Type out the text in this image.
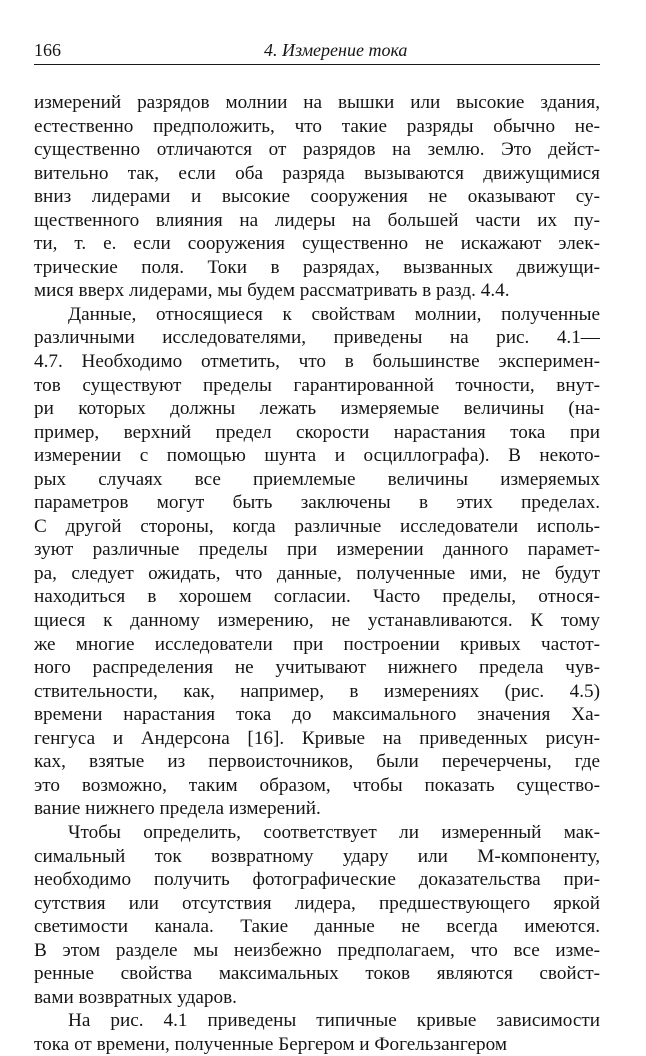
166	4. Измерение тока
измерений разрядов молнии на вышки или высокие здания,
естественно предположить, что такие разряды обычно не-
существенно отличаются от разрядов на землю. Это дейст-
вительно так, если оба разряда вызываются движущимися
вниз лидерами и высокие сооружения не оказывают су-
щественного влияния на лидеры на большей части их пу-
ти, т. е. если сооружения существенно не искажают элек-
трические поля. Токи в разрядах, вызванных движущи-
мися вверх лидерами, мы будем рассматривать в разд. 4.4.
Данные, относящиеся к свойствам молнии, полученные
различными исследователями, приведены на рис. 4.1—
4.7. Необходимо отметить, что в большинстве эксперимен-
тов существуют пределы гарантированной точности, внут-
ри которых должны лежать измеряемые величины (на-
пример, верхний предел скорости нарастания тока при
измерении с помощью шунта и осциллографа). В некото-
рых случаях все приемлемые величины измеряемых
параметров могут быть заключены в этих пределах.
С другой стороны, когда различные исследователи исполь-
зуют различные пределы при измерении данного парамет-
ра, следует ожидать, что данные, полученные ими, не будут
находиться в хорошем согласии. Часто пределы, относя-
щиеся к данному измерению, не устанавливаются. К тому
же многие исследователи при построении кривых частот-
ного распределения не учитывают нижнего предела чув-
ствительности, как, например, в измерениях (рис. 4.5)
времени нарастания тока до максимального значения Ха-
генгуса и Андерсона [16]. Кривые на приведенных рисун-
ках, взятые из первоисточников, были перечерчены, где
это возможно, таким образом, чтобы показать существо-
вание нижнего предела измерений.
Чтобы определить, соответствует ли измеренный мак-
симальный ток возвратному удару или М-компоненту,
необходимо получить фотографические доказательства при-
сутствия или отсутствия лидера, предшествующего яркой
светимости канала. Такие данные не всегда имеются.
В этом разделе мы неизбежно предполагаем, что все изме-
ренные свойства максимальных токов являются свойст-
вами возвратных ударов.
На рис. 4.1 приведены типичные кривые зависимости
тока от времени, полученные Бергером и Фогельзангером
